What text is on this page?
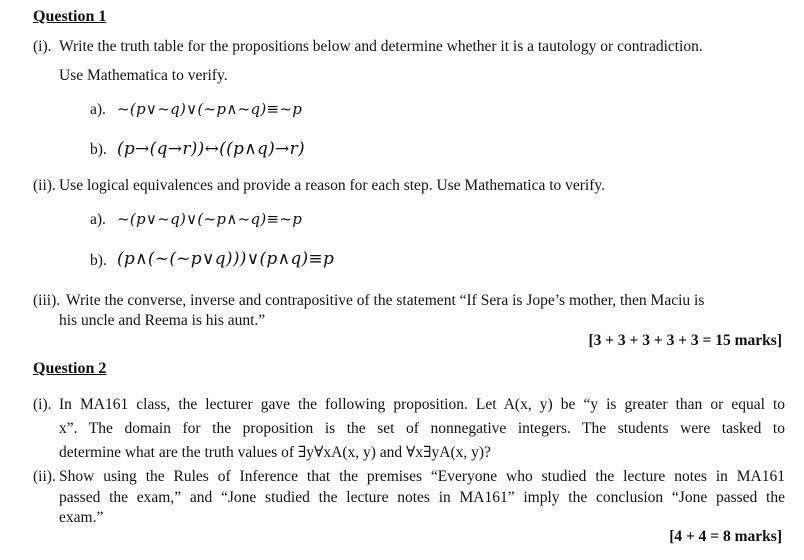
Question 1
(i). Write the truth table for the propositions below and determine whether it is a tautology or contradiction.
Use Mathematica to verify.
a). ~(p∨~q)∨(~p∧~q)≡~p
b). (p→(q→r))↔((p∧q)→r)
(ii). Use logical equivalences and provide a reason for each step. Use Mathematica to verify.
a). ~(p∨~q)∨(~p∧~q)≡~p
b). (p∧(~(~p∨q)))∨(p∧q)≡p
(iii). Write the converse, inverse and contrapositive of the statement “If Sera is Jope’s mother, then Maciu is
his uncle and Reema is his aunt.”
[3 + 3 + 3 + 3 + 3 = 15 marks]
Question 2
(i). In MA161 class, the lecturer gave the following proposition. Let A(x, y) be “y is greater than or equal to
x”. The domain for the proposition is the set of nonnegative integers. The students were tasked to
determine what are the truth values of ∃y∀xA(x, y) and ∀x∃yA(x, y)?
(ii). Show using the Rules of Inference that the premises “Everyone who studied the lecture notes in MA161
passed the exam,” and “Jone studied the lecture notes in MA161” imply the conclusion “Jone passed the
exam.”
[4 + 4 = 8 marks]
